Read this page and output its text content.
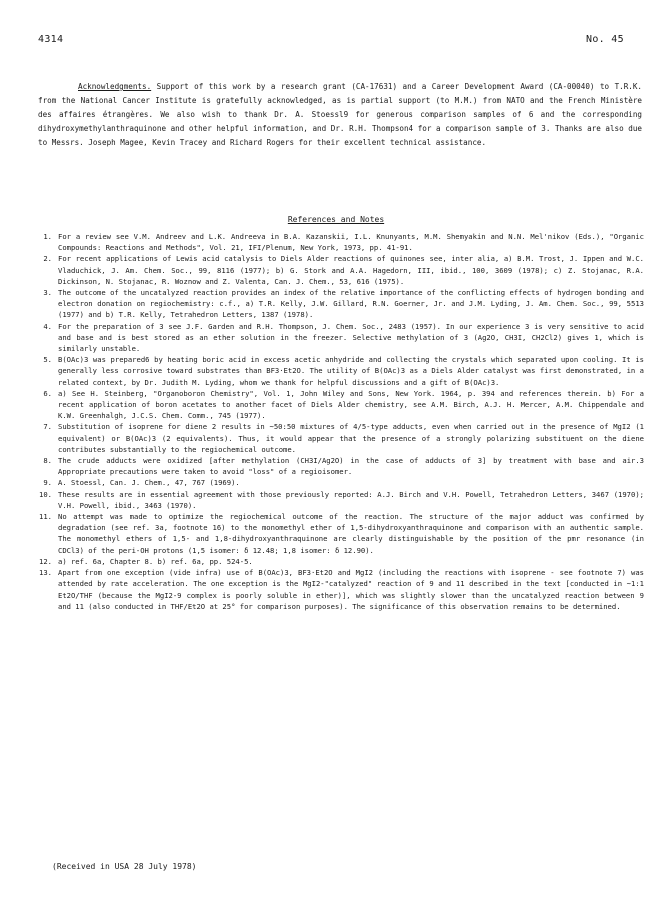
4314	No. 45

Acknowledgments. Support of this work by a research grant (CA-17631) and a Career Development Award (CA-00040) to T.R.K. from the National Cancer Institute is gratefully acknowledged, as is partial support (to M.M.) from NATO and the French Ministère des affaires étrangères. We also wish to thank Dr. A. Stoessl9 for generous comparison samples of 6 and the corresponding dihydroxymethylanthraquinone and other helpful information, and Dr. R.H. Thompson4 for a comparison sample of 3. Thanks are also due to Messrs. Joseph Magee, Kevin Tracey and Richard Rogers for their excellent technical assistance.

References and Notes
1. For a review see V.M. Andreev and L.K. Andreeva in B.A. Kazanskii, I.L. Knunyants, M.M. Shemyakin and N.N. Mel'nikov (Eds.), "Organic Compounds: Reactions and Methods", Vol. 21, IFI/Plenum, New York, 1973, pp. 41-91.
2. For recent applications of Lewis acid catalysis to Diels Alder reactions of quinones see, inter alia, a) B.M. Trost, J. Ippen and W.C. Vladuchick, J. Am. Chem. Soc., 99, 8116 (1977); b) G. Stork and A.A. Hagedorn, III, ibid., 100, 3609 (1978); c) Z. Stojanac, R.A. Dickinson, N. Stojanac, R. Woznow and Z. Valenta, Can. J. Chem., 53, 616 (1975).
3. The outcome of the uncatalyzed reaction provides an index of the relative importance of the conflicting effects of hydrogen bonding and electron donation on regiochemistry: c.f., a) T.R. Kelly, J.W. Gillard, R.N. Goerner, Jr. and J.M. Lyding, J. Am. Chem. Soc., 99, 5513 (1977) and b) T.R. Kelly, Tetrahedron Letters, 1387 (1978).
4. For the preparation of 3 see J.F. Garden and R.H. Thompson, J. Chem. Soc., 2483 (1957). In our experience 3 is very sensitive to acid and base and is best stored as an ether solution in the freezer. Selective methylation of 3 (Ag2O, CH3I, CH2Cl2) gives 1, which is similarly unstable.
5. B(OAc)3 was prepared6 by heating boric acid in excess acetic anhydride and collecting the crystals which separated upon cooling. It is generally less corrosive toward substrates than BF3·Et2O. The utility of B(OAc)3 as a Diels Alder catalyst was first demonstrated, in a related context, by Dr. Judith M. Lyding, whom we thank for helpful discussions and a gift of B(OAc)3.
6. a) See H. Steinberg, "Organoboron Chemistry", Vol. 1, John Wiley and Sons, New York. 1964, p. 394 and references therein. b) For a recent application of boron acetates to another facet of Diels Alder chemistry, see A.M. Birch, A.J. H. Mercer, A.M. Chippendale and K.W. Greenhalgh, J.C.S. Chem. Comm., 745 (1977).
7. Substitution of isoprene for diene 2 results in ~50:50 mixtures of 4/5-type adducts, even when carried out in the presence of MgI2 (1 equivalent) or B(OAc)3 (2 equivalents). Thus, it would appear that the presence of a strongly polarizing substituent on the diene contributes substantially to the regiochemical outcome.
8. The crude adducts were oxidized [after methylation (CH3I/Ag2O) in the case of adducts of 3] by treatment with base and air.3 Appropriate precautions were taken to avoid "loss" of a regioisomer.
9. A. Stoessl, Can. J. Chem., 47, 767 (1969).
10. These results are in essential agreement with those previously reported: A.J. Birch and V.H. Powell, Tetrahedron Letters, 3467 (1970); V.H. Powell, ibid., 3463 (1970).
11. No attempt was made to optimize the regiochemical outcome of the reaction. The structure of the major adduct was confirmed by degradation (see ref. 3a, footnote 16) to the monomethyl ether of 1,5-dihydroxyanthraquinone and comparison with an authentic sample. The monomethyl ethers of 1,5- and 1,8-dihydroxyanthraquinone are clearly distinguishable by the position of the pmr resonance (in CDCl3) of the peri-OH protons (1,5 isomer: δ 12.48; 1,8 isomer: δ 12.90).
12. a) ref. 6a, Chapter 8. b) ref. 6a, pp. 524-5.
13. Apart from one exception (vide infra) use of B(OAc)3, BF3·Et2O and MgI2 (including the reactions with isoprene - see footnote 7) was attended by rate acceleration. The one exception is the MgI2-"catalyzed" reaction of 9 and 11 described in the text [conducted in ~1:1 Et2O/THF (because the MgI2-9 complex is poorly soluble in ether)], which was slightly slower than the uncatalyzed reaction between 9 and 11 (also conducted in THF/Et2O at 25° for comparison purposes). The significance of this observation remains to be determined.
(Received in USA 28 July 1978)
